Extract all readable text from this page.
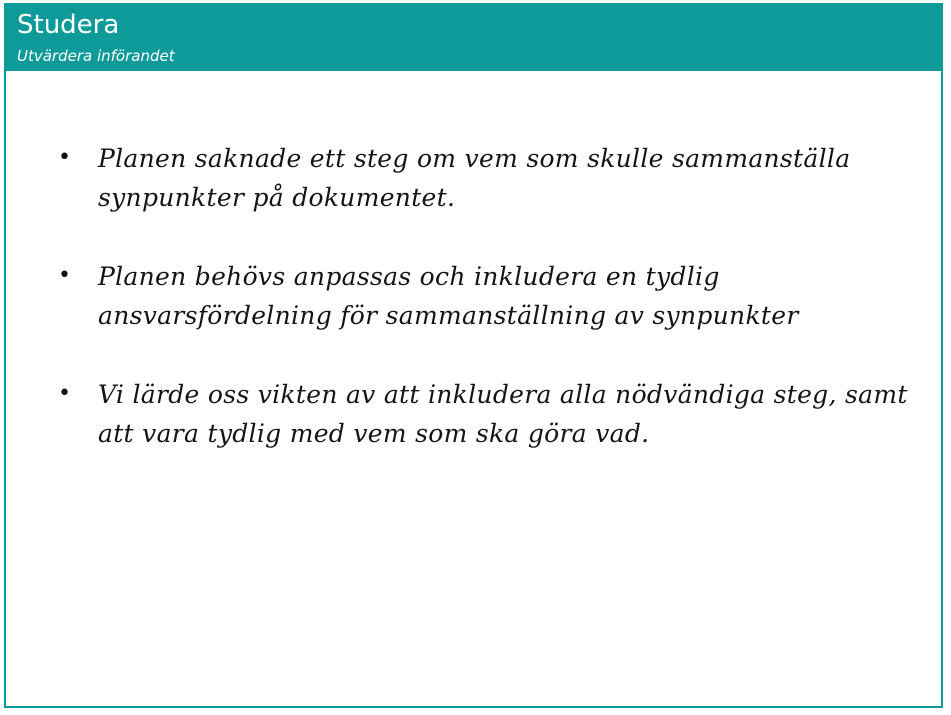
Studera
Utvärdera införandet
• Planen saknade ett steg om vem som skulle sammanställa synpunkter på dokumentet.
• Planen behövs anpassas och inkludera en tydlig ansvarsfördelning för sammanställning av synpunkter
• Vi lärde oss vikten av att inkludera alla nödvändiga steg, samt att vara tydlig med vem som ska göra vad.
